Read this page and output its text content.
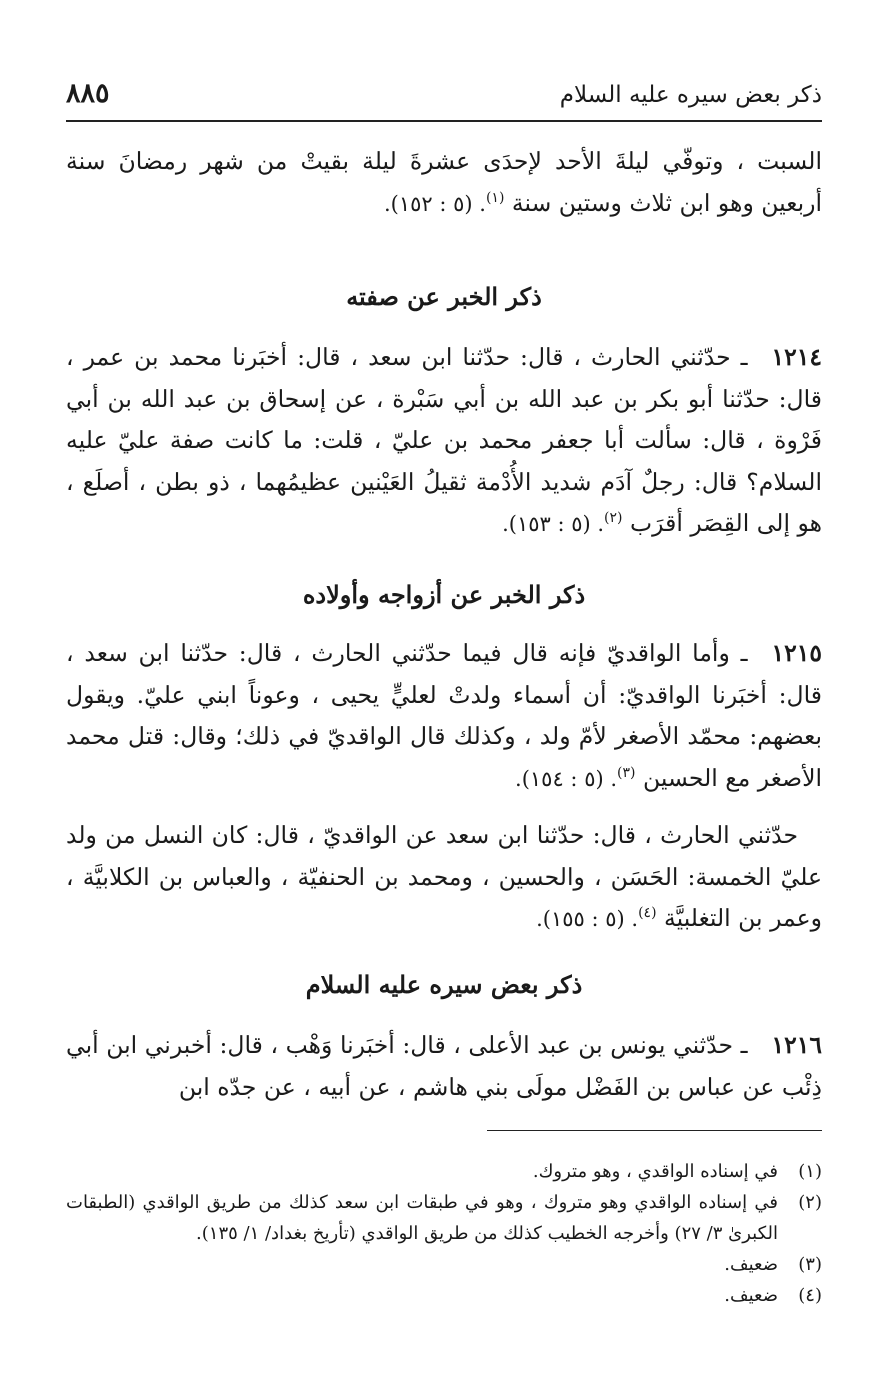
ذكر بعض سيره عليه السلام
٨٨٥

السبت ، وتوفّي ليلةَ الأحد لإحدَى عشرةَ ليلة بقيتْ من شهر رمضانَ سنة أربعين وهو ابن ثلاث وستين سنة $^{(١)}$. (٥ : ١٥٢).

ذكر الخبر عن صفته

١٢١٤ـ حدّثني الحارث ، قال: حدّثنا ابن سعد ، قال: أخبَرنا محمد بن عمر ، قال: حدّثنا أبو بكر بن عبد الله بن أبي سَبْرة ، عن إسحاق بن عبد الله بن أبي فَرْوة ، قال: سألت أبا جعفر محمد بن عليّ ، قلت: ما كانت صفة عليّ عليه السلام؟ قال: رجلٌ آدَم شديد الأُدْمة ثقيلُ العَيْنين عظيمُهما ، ذو بطن ، أصلَع ، هو إلى القِصَر أقرَب $^{(٢)}$. (٥ : ١٥٣).

ذكر الخبر عن أزواجه وأولاده

١٢١٥ـ وأما الواقديّ فإنه قال فيما حدّثني الحارث ، قال: حدّثنا ابن سعد ، قال: أخبَرنا الواقديّ: أن أسماء ولدتْ لعليٍّ يحيى ، وعوناً ابني عليّ. ويقول بعضهم: محمّد الأصغر لأمّ ولد ، وكذلك قال الواقديّ في ذلك؛ وقال: قتل محمد الأصغر مع الحسين $^{(٣)}$. (٥ : ١٥٤).

حدّثني الحارث ، قال: حدّثنا ابن سعد عن الواقديّ ، قال: كان النسل من ولد عليّ الخمسة: الحَسَن ، والحسين ، ومحمد بن الحنفيّة ، والعباس بن الكلابيَّة ، وعمر بن التغلبيَّة $^{(٤)}$. (٥ : ١٥٥).

ذكر بعض سيره عليه السلام

١٢١٦ـ حدّثني يونس بن عبد الأعلى ، قال: أخبَرنا وَهْب ، قال: أخبرني ابن أبي ذِئْب عن عباس بن الفَضْل مولَى بني هاشم ، عن أبيه ، عن جدّه ابن

(١)
في إسناده الواقدي ، وهو متروك.
(٢)
في إسناده الواقدي وهو متروك ، وهو في طبقات ابن سعد كذلك من طريق الواقدي (الطبقات الكبرىٰ ٣/ ٢٧) وأخرجه الخطيب كذلك من طريق الواقدي (تأريخ بغداد/ ١/ ١٣٥).
(٣)
ضعيف.
(٤)
ضعيف.
